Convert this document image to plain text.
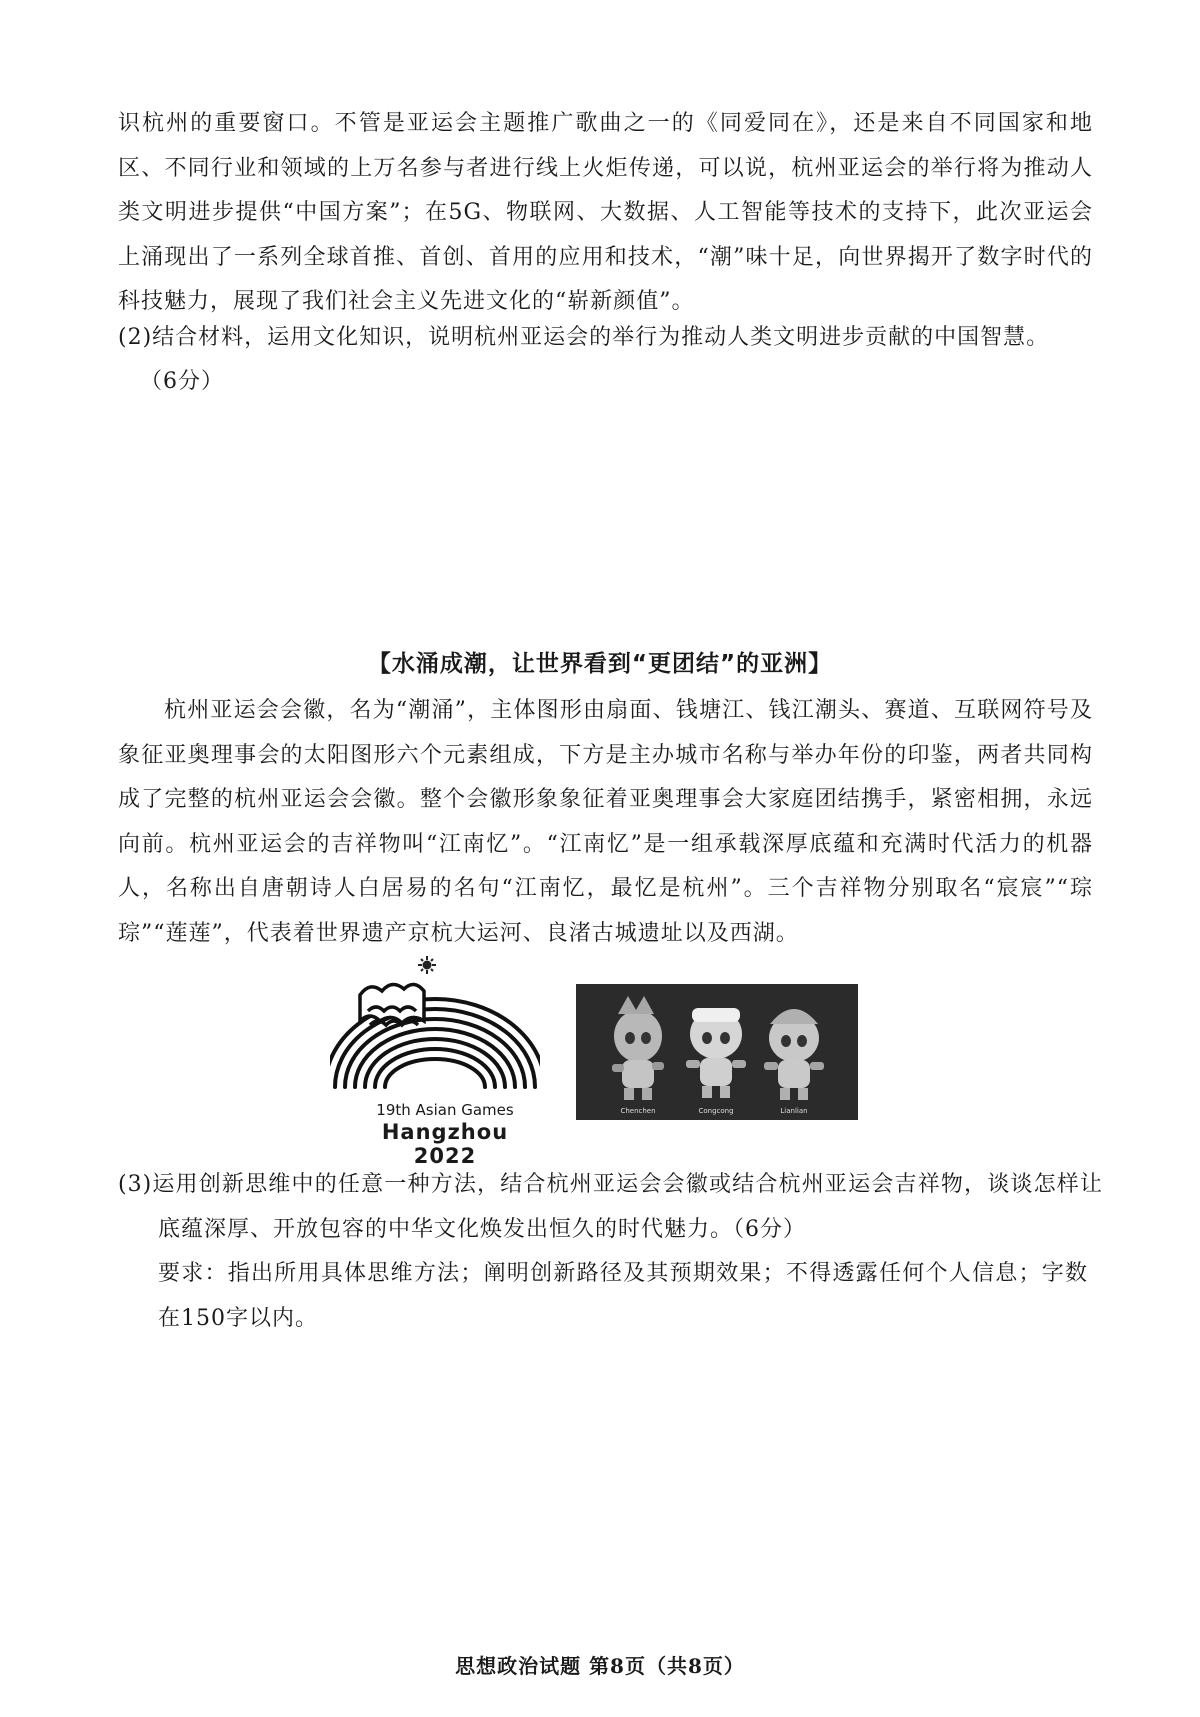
识杭州的重要窗口。不管是亚运会主题推广歌曲之一的《同爱同在》，还是来自不同国家和地区、不同行业和领域的上万名参与者进行线上火炬传递，可以说，杭州亚运会的举行将为推动人类文明进步提供“中国方案”；在5G、物联网、大数据、人工智能等技术的支持下，此次亚运会上涌现出了一系列全球首推、首创、首用的应用和技术，“潮”味十足，向世界揭开了数字时代的科技魅力，展现了我们社会主义先进文化的“崭新颜值”。
(2)结合材料，运用文化知识，说明杭州亚运会的举行为推动人类文明进步贡献的中国智慧。
（6分）
【水涌成潮，让世界看到“更团结”的亚洲】
杭州亚运会会徽，名为“潮涌”，主体图形由扇面、钱塘江、钱江潮头、赛道、互联网符号及象征亚奥理事会的太阳图形六个元素组成，下方是主办城市名称与举办年份的印鉴，两者共同构成了完整的杭州亚运会会徽。整个会徽形象象征着亚奥理事会大家庭团结携手，紧密相拥，永远向前。杭州亚运会的吉祥物叫“江南忆”。“江南忆”是一组承载深厚底蕴和充满时代活力的机器人，名称出自唐朝诗人白居易的名句“江南忆，最忆是杭州”。三个吉祥物分别取名“宸宸”“琮琮”“莲莲”，代表着世界遗产京杭大运河、良渚古城遗址以及西湖。
19th Asian Games
Hangzhou 2022
Chenchen	Congcong	Lianlian
(3)运用创新思维中的任意一种方法，结合杭州亚运会会徽或结合杭州亚运会吉祥物，谈谈怎样让底蕴深厚、开放包容的中华文化焕发出恒久的时代魅力。（6分）
要求：指出所用具体思维方法；阐明创新路径及其预期效果；不得透露任何个人信息；字数在150字以内。
思想政治试题 第8页（共8页）
